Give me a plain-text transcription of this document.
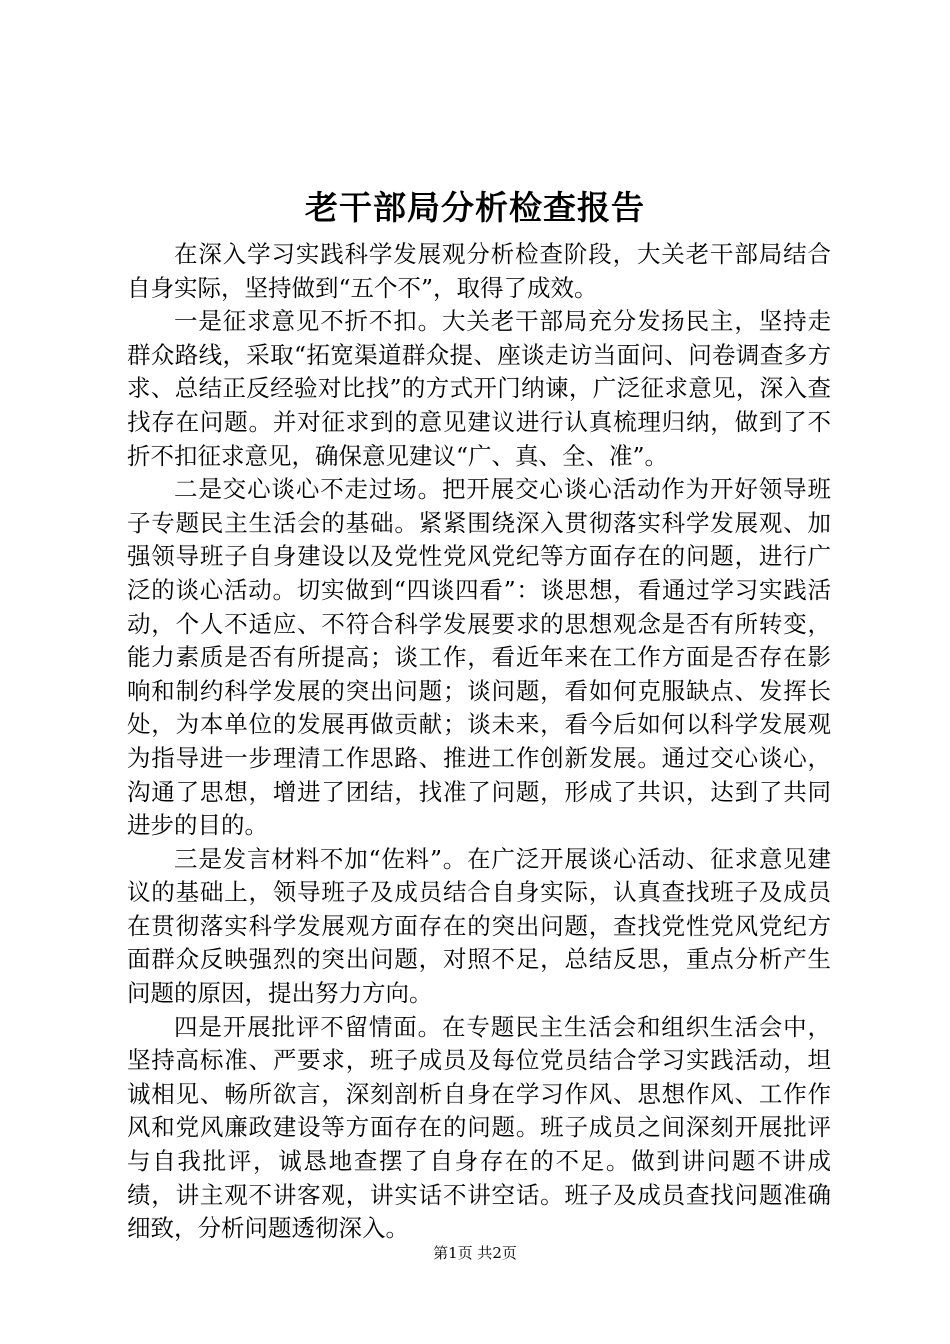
老干部局分析检查报告

在深入学习实践科学发展观分析检查阶段，大关老干部局结合自身实际，坚持做到“五个不”，取得了成效。

一是征求意见不折不扣。大关老干部局充分发扬民主，坚持走群众路线，采取“拓宽渠道群众提、座谈走访当面问、问卷调查多方求、总结正反经验对比找”的方式开门纳谏，广泛征求意见，深入查找存在问题。并对征求到的意见建议进行认真梳理归纳，做到了不折不扣征求意见，确保意见建议“广、真、全、准”。

二是交心谈心不走过场。把开展交心谈心活动作为开好领导班子专题民主生活会的基础。紧紧围绕深入贯彻落实科学发展观、加强领导班子自身建设以及党性党风党纪等方面存在的问题，进行广泛的谈心活动。切实做到“四谈四看”：谈思想，看通过学习实践活动，个人不适应、不符合科学发展要求的思想观念是否有所转变，能力素质是否有所提高；谈工作，看近年来在工作方面是否存在影响和制约科学发展的突出问题；谈问题，看如何克服缺点、发挥长处，为本单位的发展再做贡献；谈未来，看今后如何以科学发展观为指导进一步理清工作思路、推进工作创新发展。通过交心谈心，沟通了思想，增进了团结，找准了问题，形成了共识，达到了共同进步的目的。

三是发言材料不加“佐料”。在广泛开展谈心活动、征求意见建议的基础上，领导班子及成员结合自身实际，认真查找班子及成员在贯彻落实科学发展观方面存在的突出问题，查找党性党风党纪方面群众反映强烈的突出问题，对照不足，总结反思，重点分析产生问题的原因，提出努力方向。

四是开展批评不留情面。在专题民主生活会和组织生活会中，坚持高标准、严要求，班子成员及每位党员结合学习实践活动，坦诚相见、畅所欲言，深刻剖析自身在学习作风、思想作风、工作作风和党风廉政建设等方面存在的问题。班子成员之间深刻开展批评与自我批评，诚恳地查摆了自身存在的不足。做到讲问题不讲成绩，讲主观不讲客观，讲实话不讲空话。班子及成员查找问题准确细致，分析问题透彻深入。

第1页 共2页
